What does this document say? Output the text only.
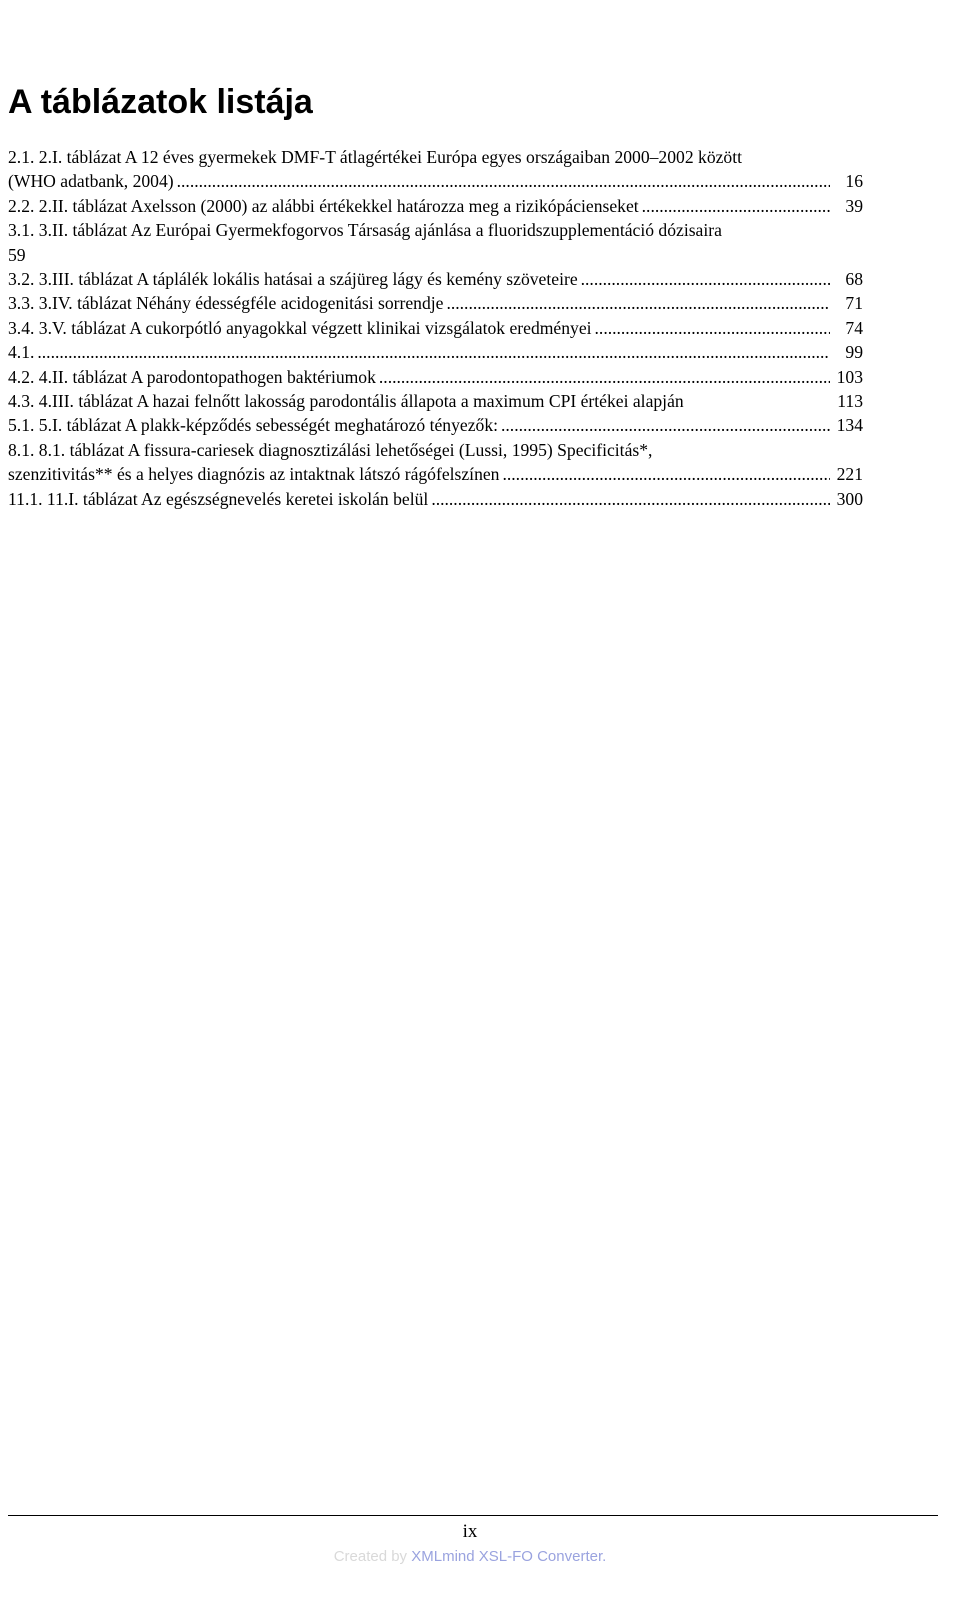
A táblázatok listája
2.1. 2.I. táblázat A 12 éves gyermekek DMF-T átlagértékei Európa egyes országaiban 2000–2002 között
(WHO adatbank, 2004) . . .	16
2.2. 2.II. táblázat Axelsson (2000) az alábbi értékekkel határozza meg a rizikópácienseket . . .	39
3.1. 3.II. táblázat Az Európai Gyermekfogorvos Társaság ajánlása a fluoridszupplementáció dózisaira
59
3.2. 3.III. táblázat A táplálék lokális hatásai a szájüreg lágy és kemény szöveteire . . .	68
3.3. 3.IV. táblázat Néhány édességféle acidogenitási sorrendje . . .	71
3.4. 3.V. táblázat A cukorpótló anyagokkal végzett klinikai vizsgálatok eredményei . . .	74
4.1. . . .	99
4.2. 4.II. táblázat A parodontopathogen baktériumok . . .	103
4.3. 4.III. táblázat A hazai felnőtt lakosság parodontális állapota a maximum CPI értékei alapján	113
5.1. 5.I. táblázat A plakk-képződés sebességét meghatározó tényezők: . . .	134
8.1. 8.1. táblázat A fissura-cariesek diagnosztizálási lehetőségei (Lussi, 1995) Specificitás*,
szenzitivitás** és a helyes diagnózis az intaktnak látszó rágófelszínen . . .	221
11.1. 11.I. táblázat Az egészségnevelés keretei iskolán belül . . .	300
ix
Created by XMLmind XSL-FO Converter.
